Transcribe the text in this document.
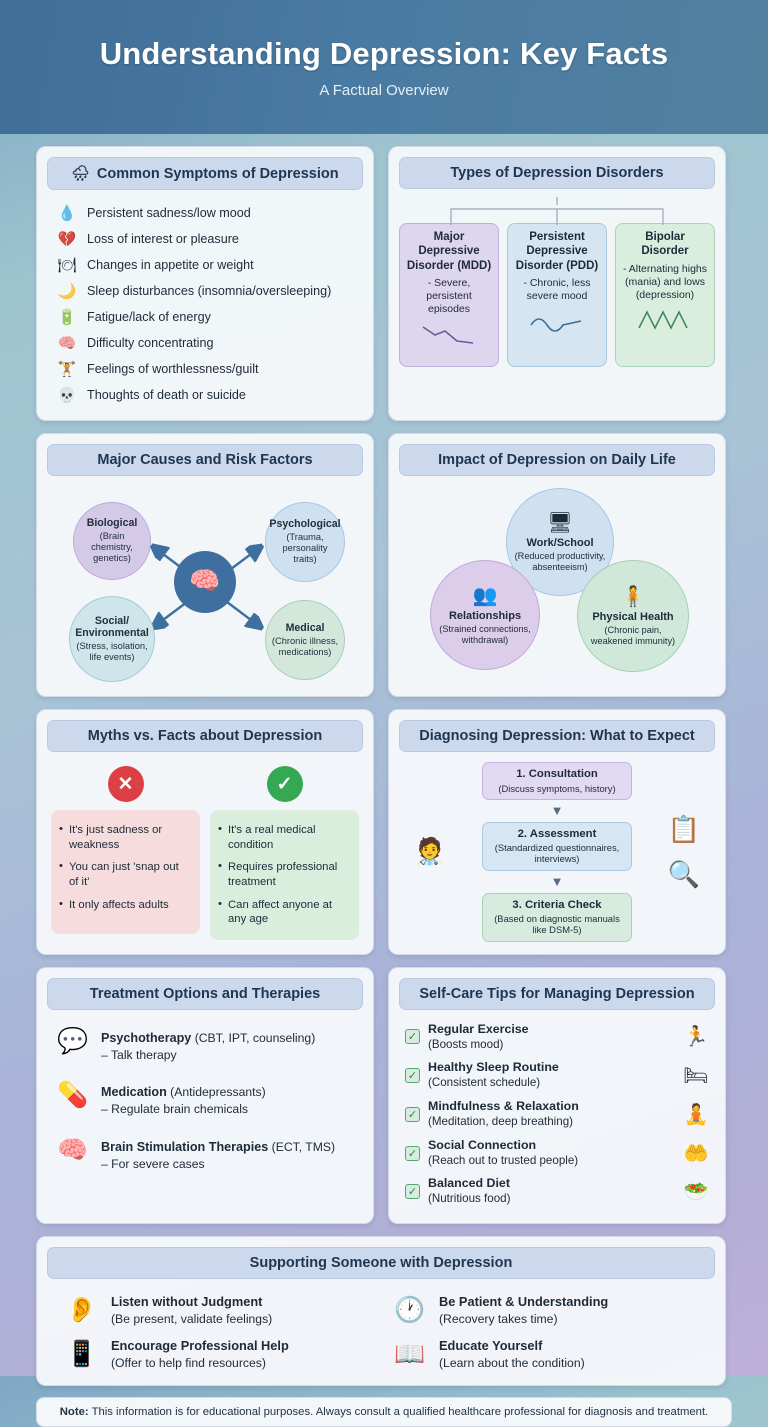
Understanding Depression: Key Facts
A Factual Overview
🌧 Common Symptoms of Depression
💧 Persistent sadness/low mood
💔 Loss of interest or pleasure
🍽 Changes in appetite or weight
🌙 Sleep disturbances (insomnia/oversleeping)
🔋 Fatigue/lack of energy
🧠 Difficulty concentrating
🏋 Feelings of worthlessness/guilt
💀 Thoughts of death or suicide
Types of Depression Disorders
Major Depressive Disorder (MDD)
- Severe, persistent episodes
Persistent Depressive Disorder (PDD)
- Chronic, less severe mood
Bipolar Disorder
- Alternating highs (mania) and lows (depression)
Major Causes and Risk Factors
Biological
(Brain chemistry, genetics)
Psychological
(Trauma, personality traits)
Social/ Environmental
(Stress, isolation, life events)
Medical
(Chronic illness, medications)
🧠
Impact of Depression on Daily Life
🖥
Work/School
(Reduced productivity, absenteeism)
👥
Relationships
(Strained connections, withdrawal)
🧍
Physical Health
(Chronic pain, weakened immunity)
Myths vs. Facts about Depression
✕
• It's just sadness or weakness
• You can just 'snap out of it'
• It only affects adults
✓
• It's a real medical condition
• Requires professional treatment
• Can affect anyone at any age
Diagnosing Depression: What to Expect
🧑‍⚕️
1. Consultation
(Discuss symptoms, history)
▼
2. Assessment
(Standardized questionnaires, interviews)
▼
3. Criteria Check
(Based on diagnostic manuals like DSM-5)
📋
🔍
Treatment Options and Therapies
💬 Psychotherapy (CBT, IPT, counseling)
– Talk therapy
💊 Medication (Antidepressants)
– Regulate brain chemicals
🧠 Brain Stimulation Therapies (ECT, TMS)
– For severe cases
Self-Care Tips for Managing Depression
✓
Regular Exercise
(Boosts mood)	🏃
✓
Healthy Sleep Routine
(Consistent schedule)	🛏
✓
Mindfulness & Relaxation
(Meditation, deep breathing)	🧘
✓
Social Connection
(Reach out to trusted people)	🤲
✓
Balanced Diet
(Nutritious food)	🥗
Supporting Someone with Depression
👂 Listen without Judgment
(Be present, validate feelings)	🕐 Be Patient & Understanding
(Recovery takes time)
📱 Encourage Professional Help
(Offer to help find resources)	📖 Educate Yourself
(Learn about the condition)
Note: This information is for educational purposes. Always consult a qualified healthcare professional for diagnosis and treatment.
